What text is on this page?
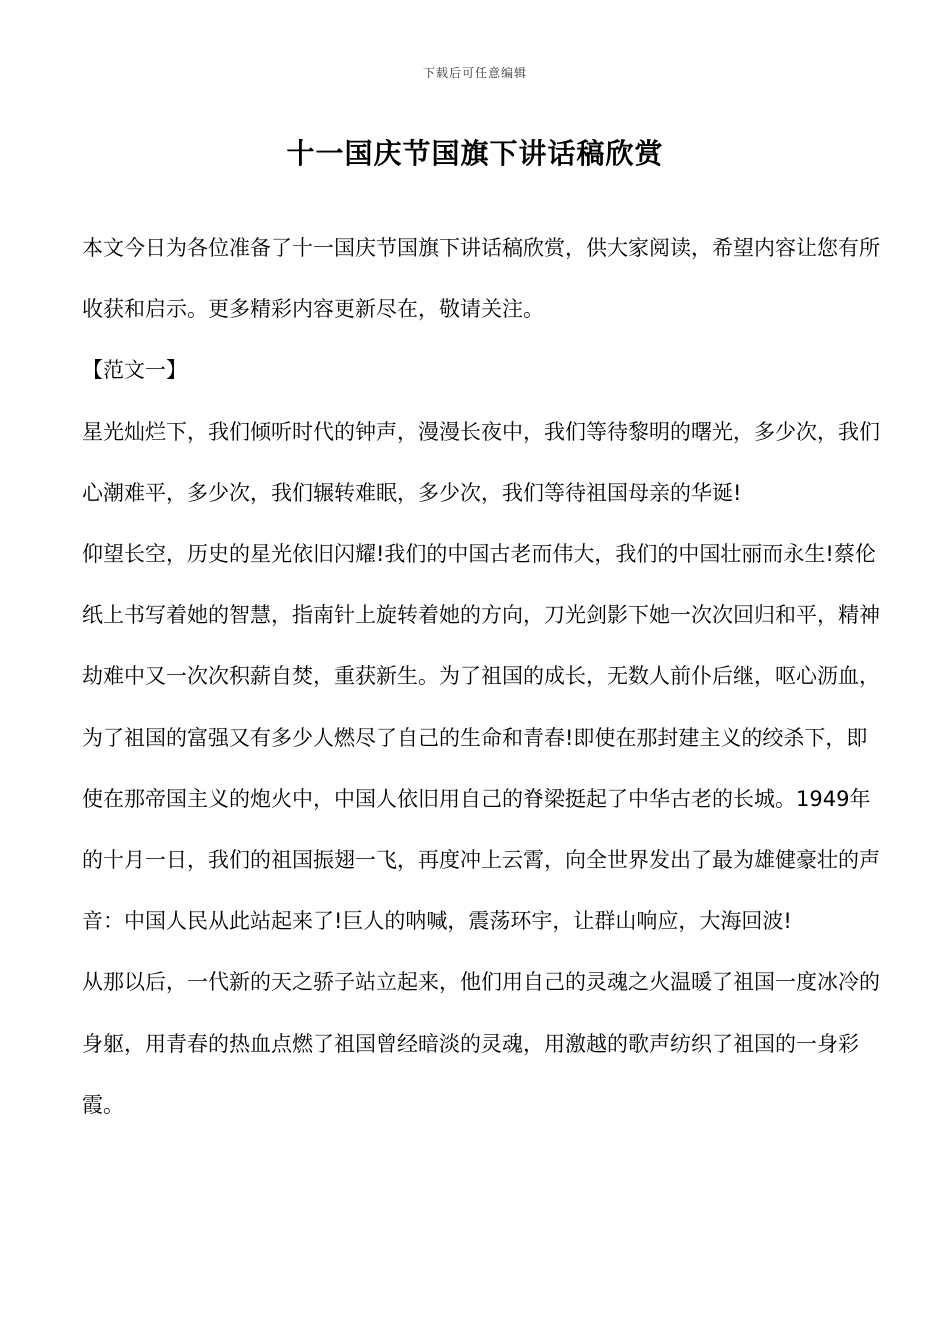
下载后可任意编辑
十一国庆节国旗下讲话稿欣赏

本文今日为各位准备了十一国庆节国旗下讲话稿欣赏，供大家阅读，希望内容让您有所收获和启示。更多精彩内容更新尽在，敬请关注。

【范文一】

星光灿烂下，我们倾听时代的钟声，漫漫长夜中，我们等待黎明的曙光，多少次，我们心潮难平，多少次，我们辗转难眠，多少次，我们等待祖国母亲的华诞!

仰望长空，历史的星光依旧闪耀!我们的中国古老而伟大，我们的中国壮丽而永生!蔡伦纸上书写着她的智慧，指南针上旋转着她的方向，刀光剑影下她一次次回归和平，精神劫难中又一次次积薪自焚，重获新生。为了祖国的成长，无数人前仆后继，呕心沥血，为了祖国的富强又有多少人燃尽了自己的生命和青春!即使在那封建主义的绞杀下，即使在那帝国主义的炮火中，中国人依旧用自己的脊梁挺起了中华古老的长城。1949年的十月一日，我们的祖国振翅一飞，再度冲上云霄，向全世界发出了最为雄健豪壮的声音：中国人民从此站起来了!巨人的呐喊，震荡环宇，让群山响应，大海回波!

从那以后，一代新的天之骄子站立起来，他们用自己的灵魂之火温暖了祖国一度冰冷的身躯，用青春的热血点燃了祖国曾经暗淡的灵魂，用激越的歌声纺织了祖国的一身彩霞。
